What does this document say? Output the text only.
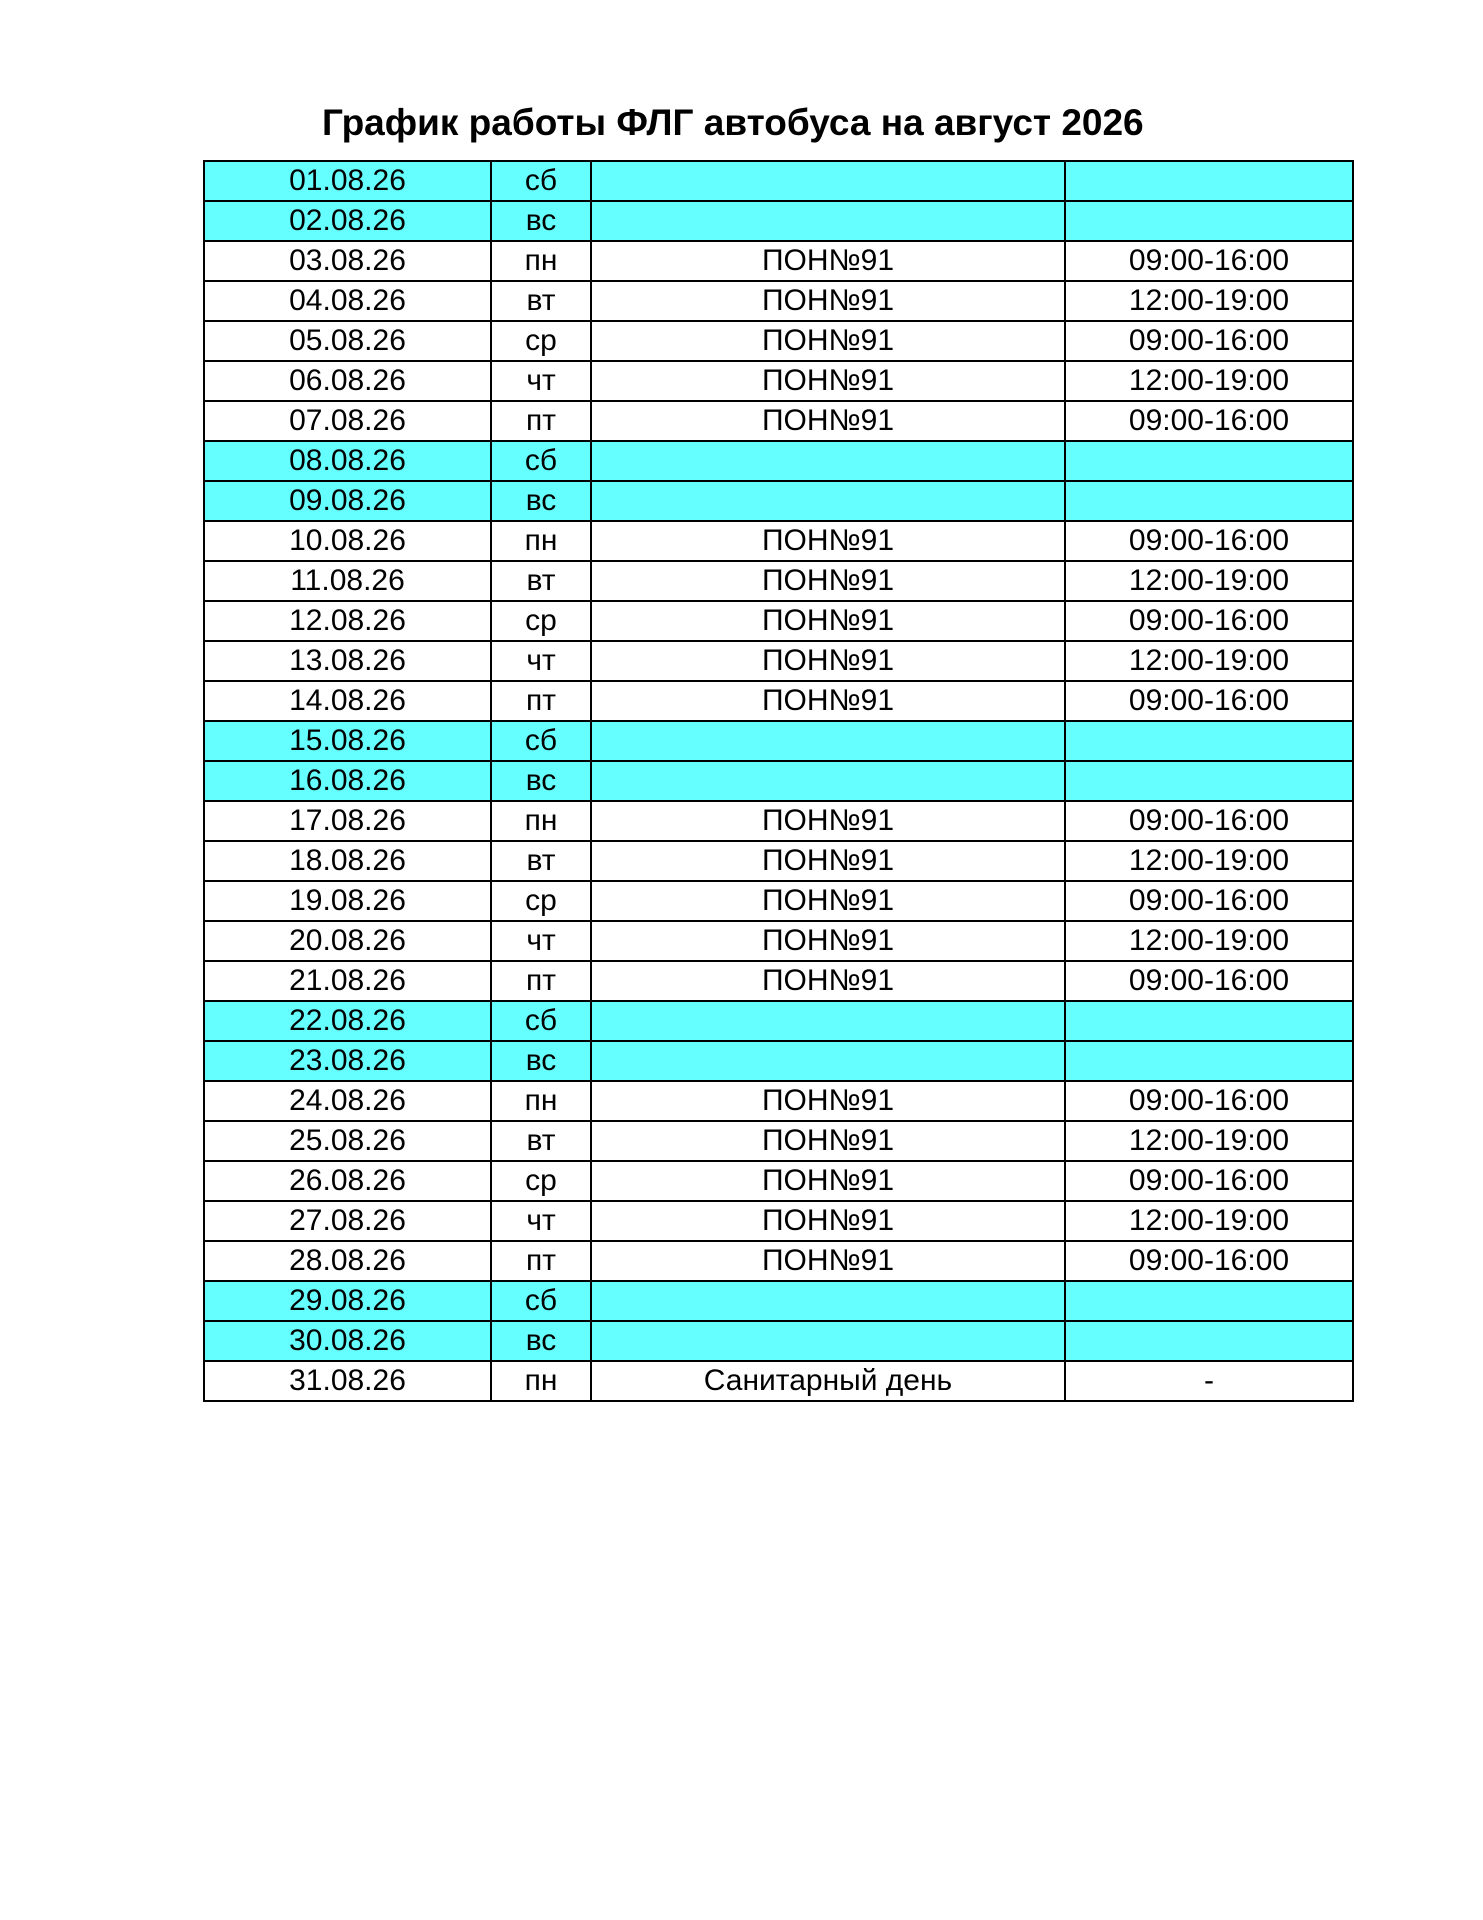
График работы ФЛГ автобуса на август 2026
01.08.26	сб		
02.08.26	вс		
03.08.26	пн	ПОН№91	09:00-16:00
04.08.26	вт	ПОН№91	12:00-19:00
05.08.26	ср	ПОН№91	09:00-16:00
06.08.26	чт	ПОН№91	12:00-19:00
07.08.26	пт	ПОН№91	09:00-16:00
08.08.26	сб		
09.08.26	вс		
10.08.26	пн	ПОН№91	09:00-16:00
11.08.26	вт	ПОН№91	12:00-19:00
12.08.26	ср	ПОН№91	09:00-16:00
13.08.26	чт	ПОН№91	12:00-19:00
14.08.26	пт	ПОН№91	09:00-16:00
15.08.26	сб		
16.08.26	вс		
17.08.26	пн	ПОН№91	09:00-16:00
18.08.26	вт	ПОН№91	12:00-19:00
19.08.26	ср	ПОН№91	09:00-16:00
20.08.26	чт	ПОН№91	12:00-19:00
21.08.26	пт	ПОН№91	09:00-16:00
22.08.26	сб		
23.08.26	вс		
24.08.26	пн	ПОН№91	09:00-16:00
25.08.26	вт	ПОН№91	12:00-19:00
26.08.26	ср	ПОН№91	09:00-16:00
27.08.26	чт	ПОН№91	12:00-19:00
28.08.26	пт	ПОН№91	09:00-16:00
29.08.26	сб		
30.08.26	вс		
31.08.26	пн	Санитарный день	-
